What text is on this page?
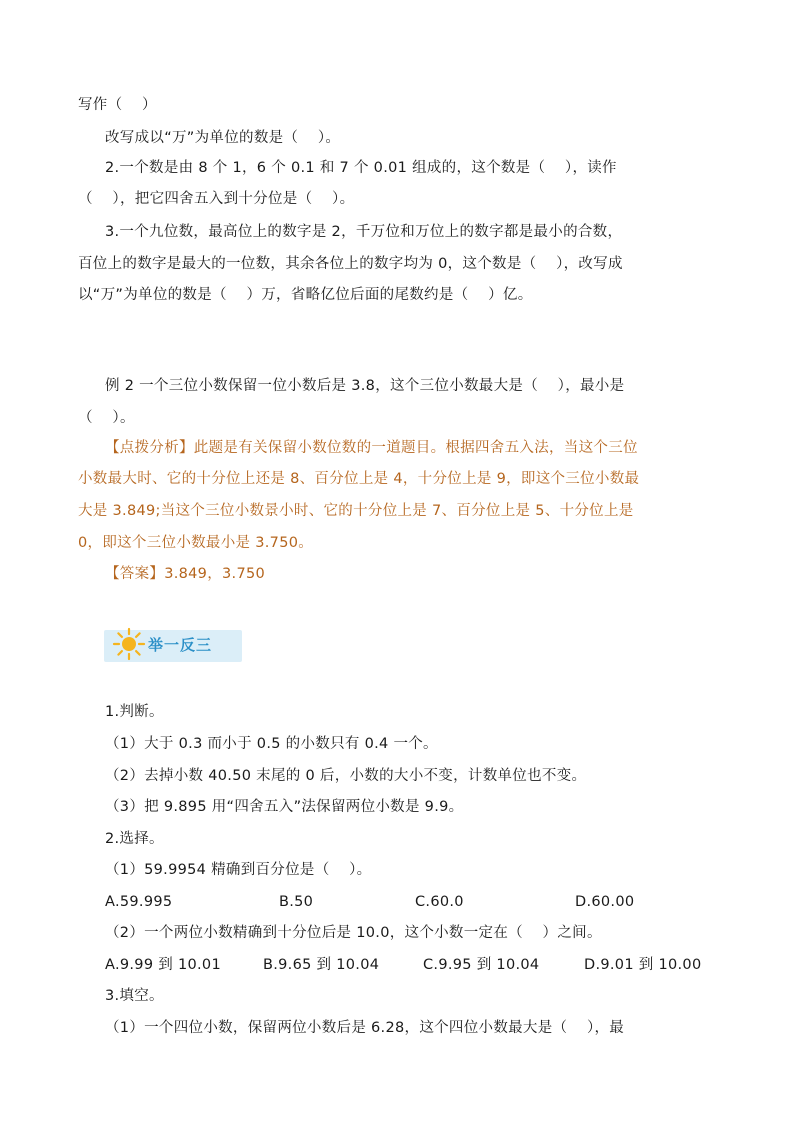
写作（    ）
改写成以“万”为单位的数是（    ）。
2.一个数是由 8 个 1，6 个 0.1 和 7 个 0.01 组成的，这个数是（    ），读作
（    ），把它四舍五入到十分位是（    ）。
3.一个九位数，最高位上的数字是 2，千万位和万位上的数字都是最小的合数，
百位上的数字是最大的一位数，其余各位上的数字均为 0，这个数是（    ），改写成
以“万”为单位的数是（    ）万，省略亿位后面的尾数约是（    ）亿。
例 2 一个三位小数保留一位小数后是 3.8，这个三位小数最大是（    ），最小是
（    ）。
【点拨分析】此题是有关保留小数位数的一道题目。根据四舍五入法，当这个三位
小数最大时、它的十分位上还是 8、百分位上是 4，十分位上是 9，即这个三位小数最
大是 3.849;当这个三位小数景小时、它的十分位上是 7、百分位上是 5、十分位上是
0，即这个三位小数最小是 3.750。
【答案】3.849，3.750
举一反三
1.判断。
（1）大于 0.3 而小于 0.5 的小数只有 0.4 一个。
（2）去掉小数 40.50 末尾的 0 后，小数的大小不变，计数单位也不变。
（3）把 9.895 用“四舍五入”法保留两位小数是 9.9。
2.选择。
（1）59.9954 精确到百分位是（    ）。
A.59.995	B.50	C.60.0	D.60.00
（2）一个两位小数精确到十分位后是 10.0，这个小数一定在（    ）之间。
A.9.99 到 10.01	B.9.65 到 10.04	C.9.95 到 10.04	D.9.01 到 10.00
3.填空。
（1）一个四位小数，保留两位小数后是 6.28，这个四位小数最大是（    ），最
